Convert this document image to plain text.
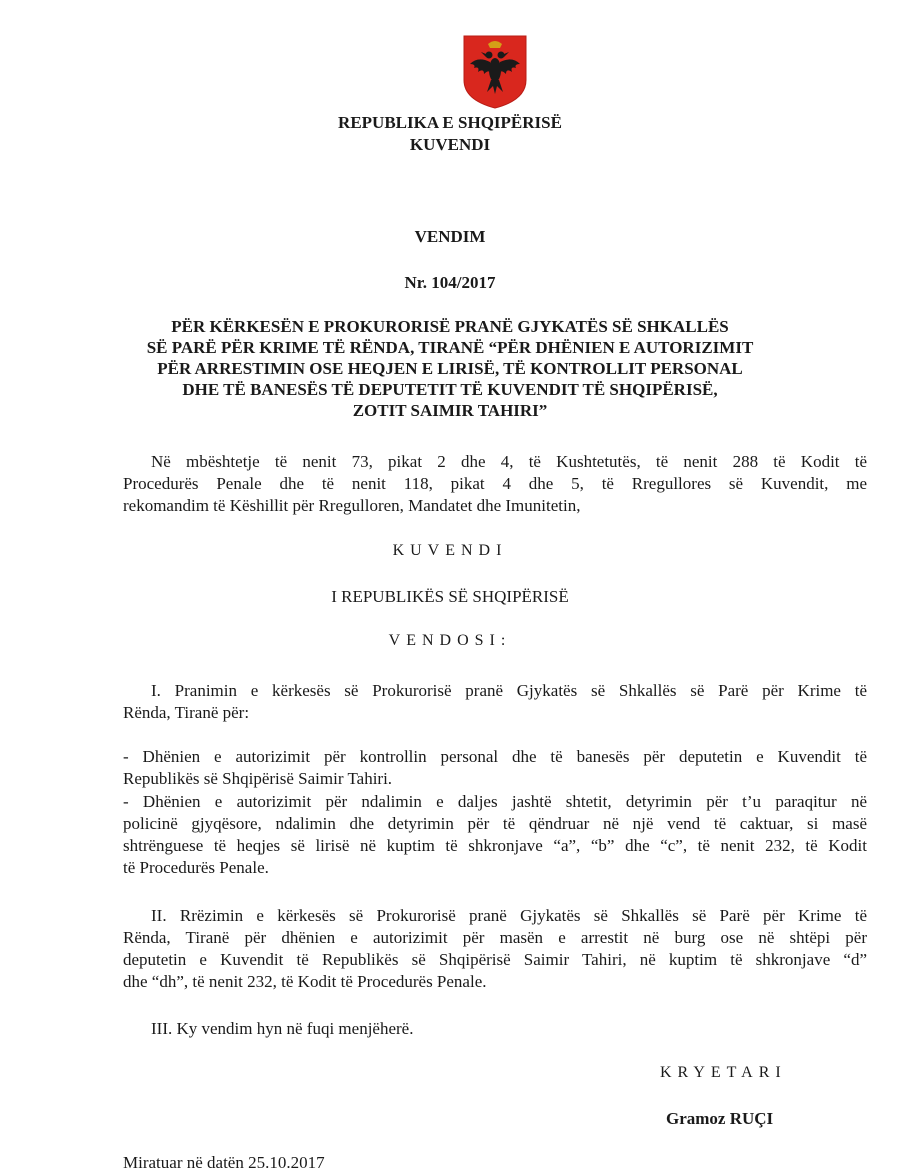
REPUBLIKA E SHQIPËRISË
KUVENDI
VENDIM
Nr. 104/2017
PËR KËRKESËN E PROKURORISË PRANË GJYKATËS SË SHKALLËS
SË PARË PËR KRIME TË RËNDA, TIRANË “PËR DHËNIEN E AUTORIZIMIT
PËR ARRESTIMIN OSE HEQJEN E LIRISË, TË KONTROLLIT PERSONAL
DHE TË BANESËS TË DEPUTETIT TË KUVENDIT TË SHQIPËRISË,
ZOTIT SAIMIR TAHIRI”
Në mbështetje të nenit 73, pikat 2 dhe 4, të Kushtetutës, të nenit 288 të Kodit të
Procedurës Penale dhe të nenit 118, pikat 4 dhe 5, të Rregullores së Kuvendit, me
rekomandim të Këshillit për Rregulloren, Mandatet dhe Imunitetin,
KUVENDI
I REPUBLIKËS SË SHQIPËRISË
VENDOSI:
I. Pranimin e kërkesës së Prokurorisë pranë Gjykatës së Shkallës së Parë për Krime të
Rënda, Tiranë për:
- Dhënien e autorizimit për kontrollin personal dhe të banesës për deputetin e Kuvendit të
Republikës së Shqipërisë Saimir Tahiri.
- Dhënien e autorizimit për ndalimin e daljes jashtë shtetit, detyrimin për t’u paraqitur në
policinë gjyqësore, ndalimin dhe detyrimin për të qëndruar në një vend të caktuar, si masë
shtrënguese të heqjes së lirisë në kuptim të shkronjave “a”, “b” dhe “c”, të nenit 232, të Kodit
të Procedurës Penale.
II. Rrëzimin e kërkesës së Prokurorisë pranë Gjykatës së Shkallës së Parë për Krime të
Rënda, Tiranë për dhënien e autorizimit për masën e arrestit në burg ose në shtëpi për
deputetin e Kuvendit të Republikës së Shqipërisë Saimir Tahiri, në kuptim të shkronjave “d”
dhe “dh”, të nenit 232, të Kodit të Procedurës Penale.
III. Ky vendim hyn në fuqi menjëherë.
KRYETARI
Gramoz RUÇI
Miratuar në datën 25.10.2017
